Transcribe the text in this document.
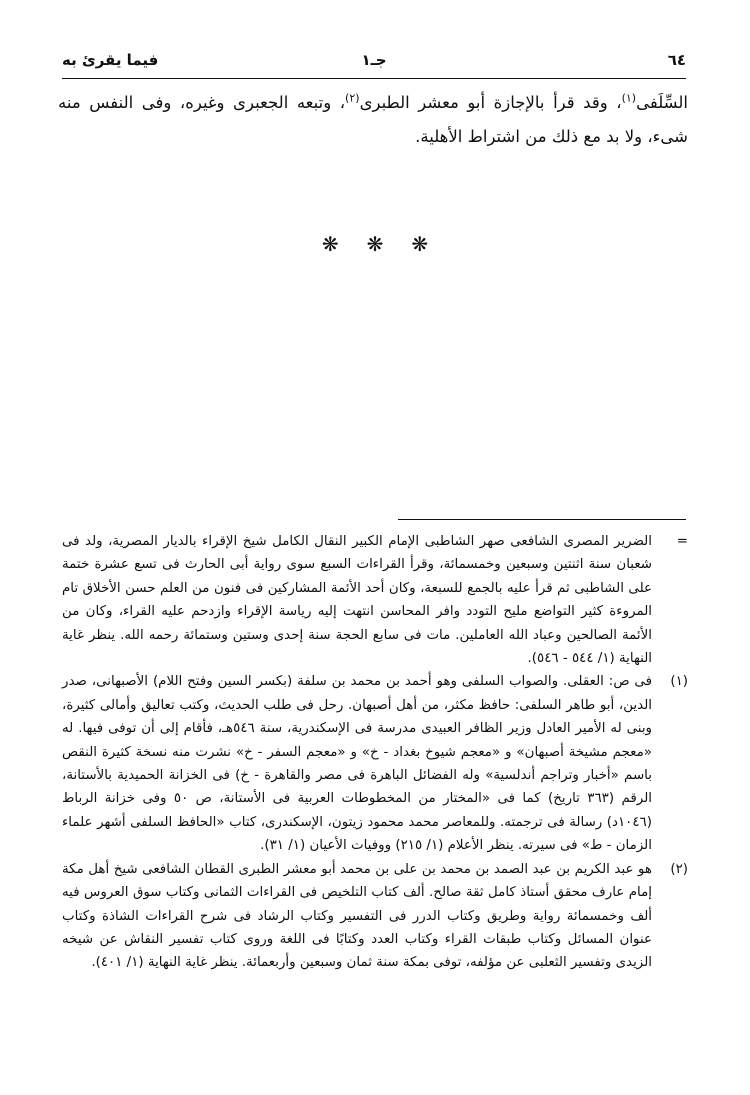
٦٤
جـ١
فيما يقرئ به

السِّلَفى$^{(١)}$، وقد قرأ بالإجازة أبو معشر الطبرى$^{(٢)}$، وتبعه الجعبرى وغيره، وفى النفس منه شىء، ولا بد مع ذلك من اشتراط الأهلية.

❋❋❋

=
الضرير المصرى الشافعى صهر الشاطبى الإمام الكبير النقال الكامل شيخ الإقراء بالديار المصرية، ولد فى شعبان سنة اثنتين وسبعين وخمسمائة، وقرأ القراءات السبع سوى رواية أبى الحارث فى تسع عشرة ختمة على الشاطبى ثم قرأ عليه بالجمع للسبعة، وكان أحد الأئمة المشاركين فى فنون من العلم حسن الأخلاق تام المروءة كثير التواضع مليح التودد وافر المحاسن انتهت إليه رياسة الإقراء وازدحم عليه القراء، وكان من الأئمة الصالحين وعباد الله العاملين. مات فى سابع الحجة سنة إحدى وستين وستمائة رحمه الله. ينظر غاية النهاية (١/ ٥٤٤ - ٥٤٦).

(١)
فى ص: العقلى. والصواب السلفى وهو أحمد بن محمد بن سلفة (بكسر السين وفتح اللام) الأصبهانى، صدر الدين، أبو طاهر السلفى: حافظ مكثر، من أهل أصبهان. رحل فى طلب الحديث، وكتب تعاليق وأمالى كثيرة، وبنى له الأمير العادل وزير الظافر العبيدى مدرسة فى الإسكندرية، سنة ٥٤٦هـ، فأقام إلى أن توفى فيها. له «معجم مشيخة أصبهان» و «معجم شيوخ بغداد - خ» و «معجم السفر - خ» نشرت منه نسخة كثيرة النقص باسم «أخبار وتراجم أندلسية» وله الفضائل الباهرة فى مصر والقاهرة - خ) فى الخزانة الحميدية بالأستانة، الرقم (٣٦٣ تاريخ) كما فى «المختار من المخطوطات العربية فى الأستانة، ص ٥٠ وفى خزانة الرباط (١٠٤٦د) رسالة فى ترجمته. وللمعاصر محمد محمود زيتون، الإسكندرى، كتاب «الحافظ السلفى أشهر علماء الزمان - ط» فى سيرته. ينظر الأعلام (١/ ٢١٥) ووفيات الأعيان (١/ ٣١).

(٢)
هو عبد الكريم بن عبد الصمد بن محمد بن على بن محمد أبو معشر الطبرى القطان الشافعى شيخ أهل مكة إمام عارف محقق أستاذ كامل ثقة صالح. ألف كتاب التلخيص فى القراءات الثمانى وكتاب سوق العروس فيه ألف وخمسمائة رواية وطريق وكتاب الدرر فى التفسير وكتاب الرشاد فى شرح القراءات الشاذة وكتاب عنوان المسائل وكتاب طبقات القراء وكتاب العدد وكتابًا فى اللغة وروى كتاب تفسير النقاش عن شيخه الزيدى وتفسير الثعلبى عن مؤلفه، توفى بمكة سنة ثمان وسبعين وأربعمائة. ينظر غاية النهاية (١/ ٤٠١).
